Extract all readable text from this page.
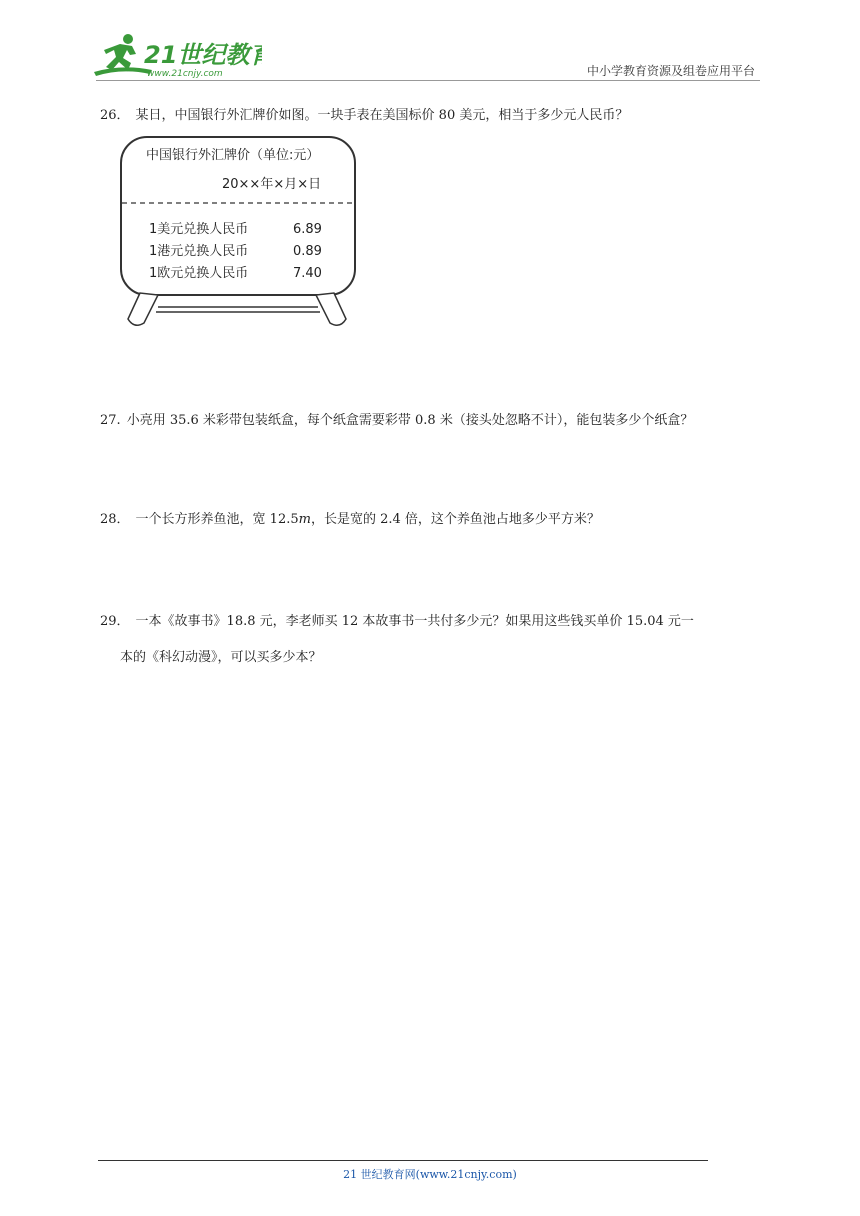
21世纪教育
www.21cnjy.com	中小学教育资源及组卷应用平台
26． 某日，中国银行外汇牌价如图。一块手表在美国标价 80 美元，相当于多少元人民币？
中国银行外汇牌价（单位:元）
20××年×月×日
1美元兑换人民币	6.89
1港元兑换人民币	0.89
1欧元兑换人民币	7.40
27. 小亮用 35.6 米彩带包装纸盒，每个纸盒需要彩带 0.8 米（接头处忽略不计），能包装多少个纸盒？
28． 一个长方形养鱼池，宽 12.5m，长是宽的 2.4 倍，这个养鱼池占地多少平方米？
29． 一本《故事书》18.8 元，李老师买 12 本故事书一共付多少元？如果用这些钱买单价 15.04 元一
本的《科幻动漫》，可以买多少本？
21 世纪教育网(www.21cnjy.com)
